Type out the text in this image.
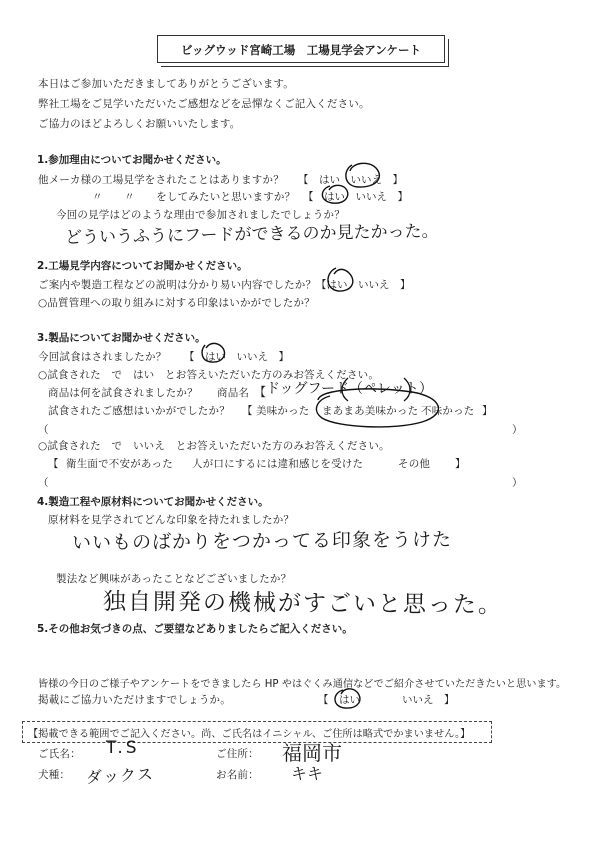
ビッグウッド宮崎工場　工場見学会アンケート
本日はご参加いただきましてありがとうございます。
弊社工場をご見学いただいたご感想などを忌憚なくご記入ください。
ご協力のほどよろしくお願いいたします。
1.参加理由についてお聞かせください。
他メーカ様の工場見学をされたことはありますか？ 【　はい　 いいえ　】
〃　　〃　　をしてみたいと思いますか？ 【　はい　 いいえ　】
今回の見学はどのような理由で参加されましたでしょうか？
どういうふうにフードができるのか見たかった。
2.工場見学内容についてお聞かせください。
ご案内や製造工程などの説明は分かり易い内容でしたか？ 【はい　 いいえ　】
○品質管理への取り組みに対する印象はいかがでしたか？
3.製品についてお聞かせください。
今回試食はされましたか？ 【　はい　 いいえ　】
○試食された　で　はい　とお答えいただいた方のみお答えください。
商品は何を試食されましたか？ 商品名 【 ドッグフード（ペレット）
試食されたご感想はいかがでしたか？ 【 美味かった まあまあ美味かった 不味かった 】
（	）
○試食された　で　いいえ　とお答えいただいた方のみお答えください。
【 衛生面で不安があった 人が口にするには違和感じを受けた	その他 】
（	）
4.製造工程や原材料についてお聞かせください。
原材料を見学されてどんな印象を持たれましたか？
いいものばかりをつかってる印象をうけた
製法など興味があったことなどございましたか？
独自開発の機械がすごいと思った。
5.その他お気づきの点、ご要望などありましたらご記入ください。
皆様の今日のご様子やアンケートをできましたら HP やはぐくみ通信などでご紹介させていただきたいと思います。
掲載にご協力いただけますでしょうか。	【　はい　　　　	いいえ　】
【掲載できる範囲でご記入ください。尚、ご氏名はイニシャル、ご住所は略式でかまいません。】
ご氏名： T.S	ご住所： 福岡市
犬種： ダックス	お名前： キキ
